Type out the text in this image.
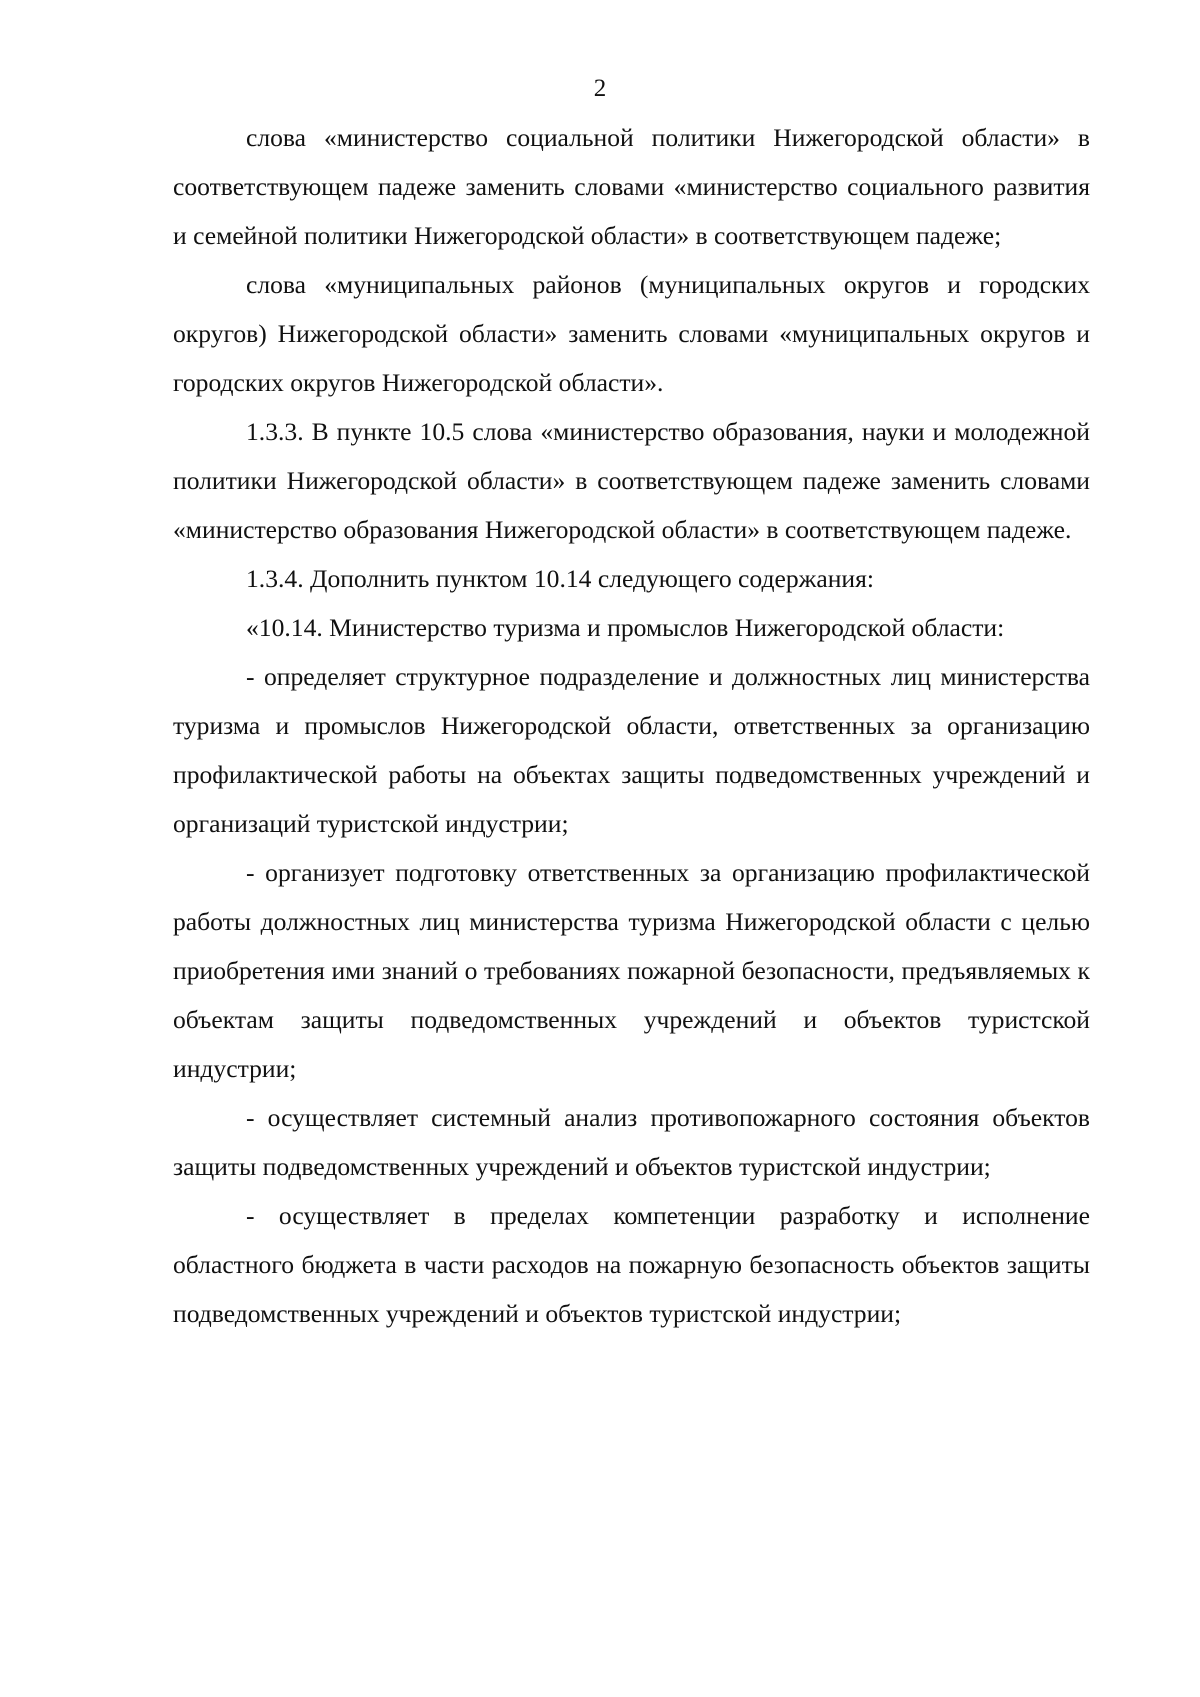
2

слова «министерство социальной политики Нижегородской области» в соответствующем падеже заменить словами «министерство социального развития и семейной политики Нижегородской области» в соответствующем падеже;

слова «муниципальных районов (муниципальных округов и городских округов) Нижегородской области» заменить словами «муниципальных округов и городских округов Нижегородской области».

1.3.3. В пункте 10.5 слова «министерство образования, науки и молодежной политики Нижегородской области» в соответствующем падеже заменить словами «министерство образования Нижегородской области» в соответствующем падеже.

1.3.4. Дополнить пунктом 10.14 следующего содержания:

«10.14. Министерство туризма и промыслов Нижегородской области:

- определяет структурное подразделение и должностных лиц министерства туризма и промыслов Нижегородской области, ответственных за организацию профилактической работы на объектах защиты подведомственных учреждений и организаций туристской индустрии;

- организует подготовку ответственных за организацию профилактической работы должностных лиц министерства туризма Нижегородской области с целью приобретения ими знаний о требованиях пожарной безопасности, предъявляемых к объектам защиты подведомственных учреждений и объектов туристской индустрии;

- осуществляет системный анализ противопожарного состояния объектов защиты подведомственных учреждений и объектов туристской индустрии;

- осуществляет в пределах компетенции разработку и исполнение областного бюджета в части расходов на пожарную безопасность объектов защиты подведомственных учреждений и объектов туристской индустрии;
